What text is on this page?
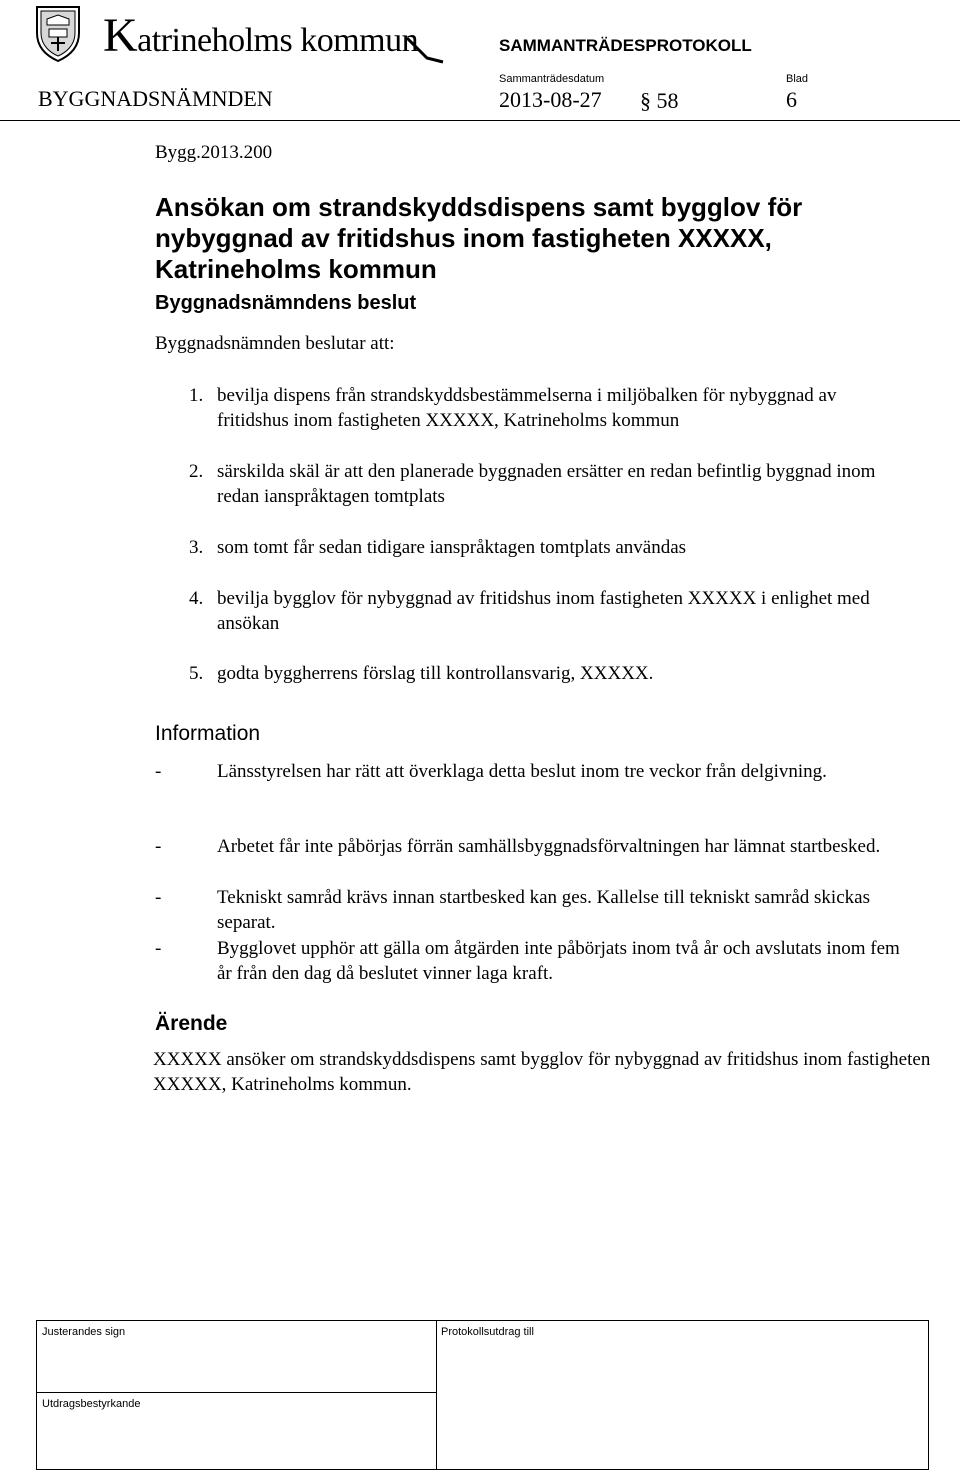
Katrineholms kommun	SAMMANTRÄDESPROTOKOLL
BYGGNADSNÄMNDEN
Sammanträdesdatum
2013-08-27 § 58
Blad
6
Bygg.2013.200
Ansökan om strandskyddsdispens samt bygglov för nybyggnad av fritidshus inom fastigheten XXXXX, Katrineholms kommun
Byggnadsnämndens beslut
Byggnadsnämnden beslutar att:
1. bevilja dispens från strandskyddsbestämmelserna i miljöbalken för nybyggnad av fritidshus inom fastigheten XXXXX, Katrineholms kommun
2. särskilda skäl är att den planerade byggnaden ersätter en redan befintlig byggnad inom redan ianspråktagen tomtplats
3. som tomt får sedan tidigare ianspråktagen tomtplats användas
4. bevilja bygglov för nybyggnad av fritidshus inom fastigheten XXXXX i enlighet med ansökan
5. godta byggherrens förslag till kontrollansvarig, XXXXX.
Information
-	Länsstyrelsen har rätt att överklaga detta beslut inom tre veckor från delgivning.
-	Arbetet får inte påbörjas förrän samhällsbyggnadsförvaltningen har lämnat startbesked.
-	Tekniskt samråd krävs innan startbesked kan ges. Kallelse till tekniskt samråd skickas separat.
-	Bygglovet upphör att gälla om åtgärden inte påbörjats inom två år och avslutats inom fem år från den dag då beslutet vinner laga kraft.
Ärende
XXXXX ansöker om strandskyddsdispens samt bygglov för nybyggnad av fritidshus inom fastigheten XXXXX, Katrineholms kommun.
Justerandes sign	Protokollsutdrag till
Utdragsbestyrkande
